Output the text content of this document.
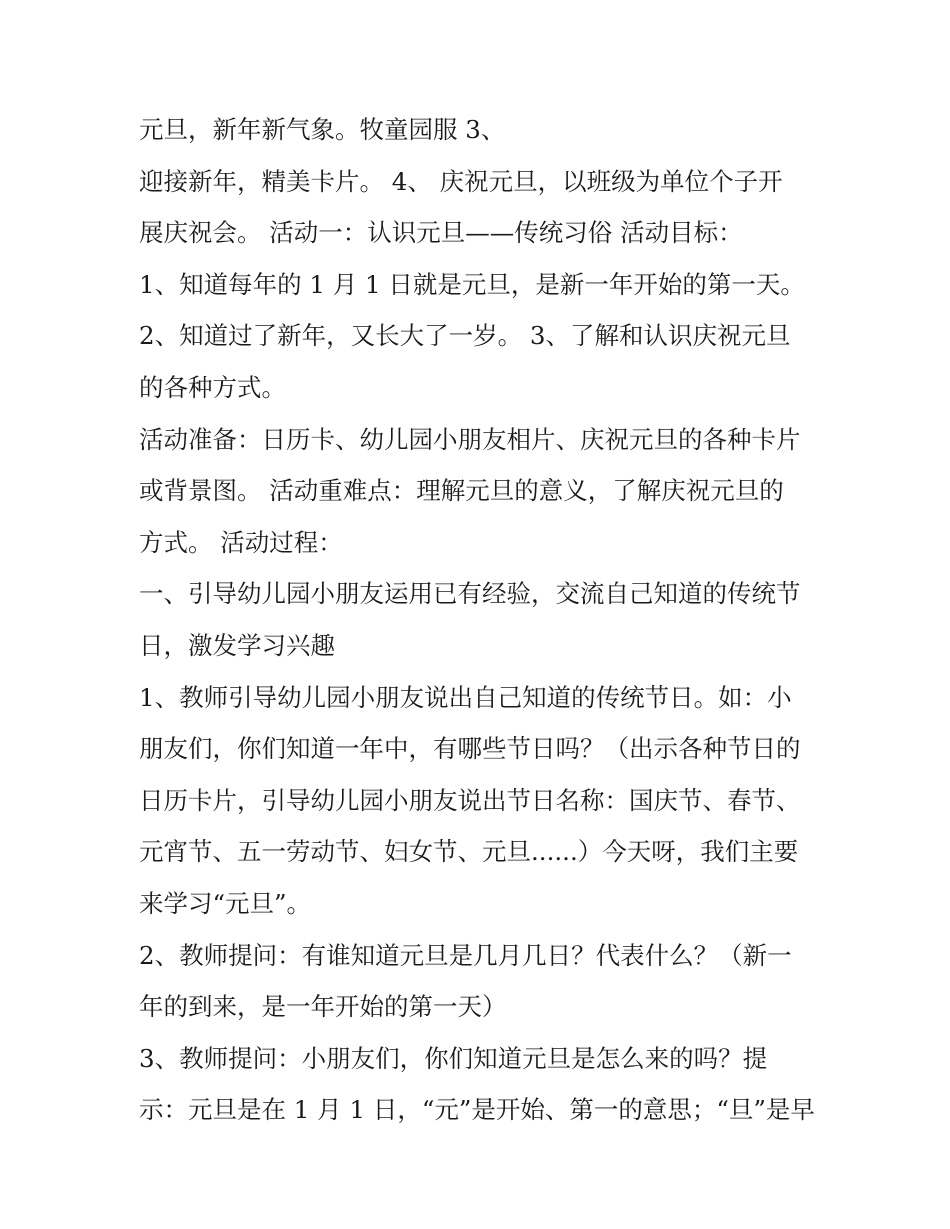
元旦，新年新气象。牧童园服 3、
迎接新年，精美卡片。 4、 庆祝元旦，以班级为单位个子开
展庆祝会。 活动一：认识元旦——传统习俗 活动目标：
1、知道每年的 1 月 1 日就是元旦，是新一年开始的第一天。
2、知道过了新年，又长大了一岁。 3、了解和认识庆祝元旦
的各种方式。
活动准备：日历卡、幼儿园小朋友相片、庆祝元旦的各种卡片
或背景图。 活动重难点：理解元旦的意义，了解庆祝元旦的
方式。 活动过程：
一、引导幼儿园小朋友运用已有经验，交流自己知道的传统节
日，激发学习兴趣
1、教师引导幼儿园小朋友说出自己知道的传统节日。如：小
朋友们，你们知道一年中，有哪些节日吗？（出示各种节日的
日历卡片，引导幼儿园小朋友说出节日名称：国庆节、春节、
元宵节、五一劳动节、妇女节、元旦......）今天呀，我们主要
来学习“元旦”。
2、教师提问：有谁知道元旦是几月几日？代表什么？（新一
年的到来，是一年开始的第一天）
3、教师提问：小朋友们，你们知道元旦是怎么来的吗？提
示：元旦是在 1 月 1 日，“元”是开始、第一的意思；“旦”是早
